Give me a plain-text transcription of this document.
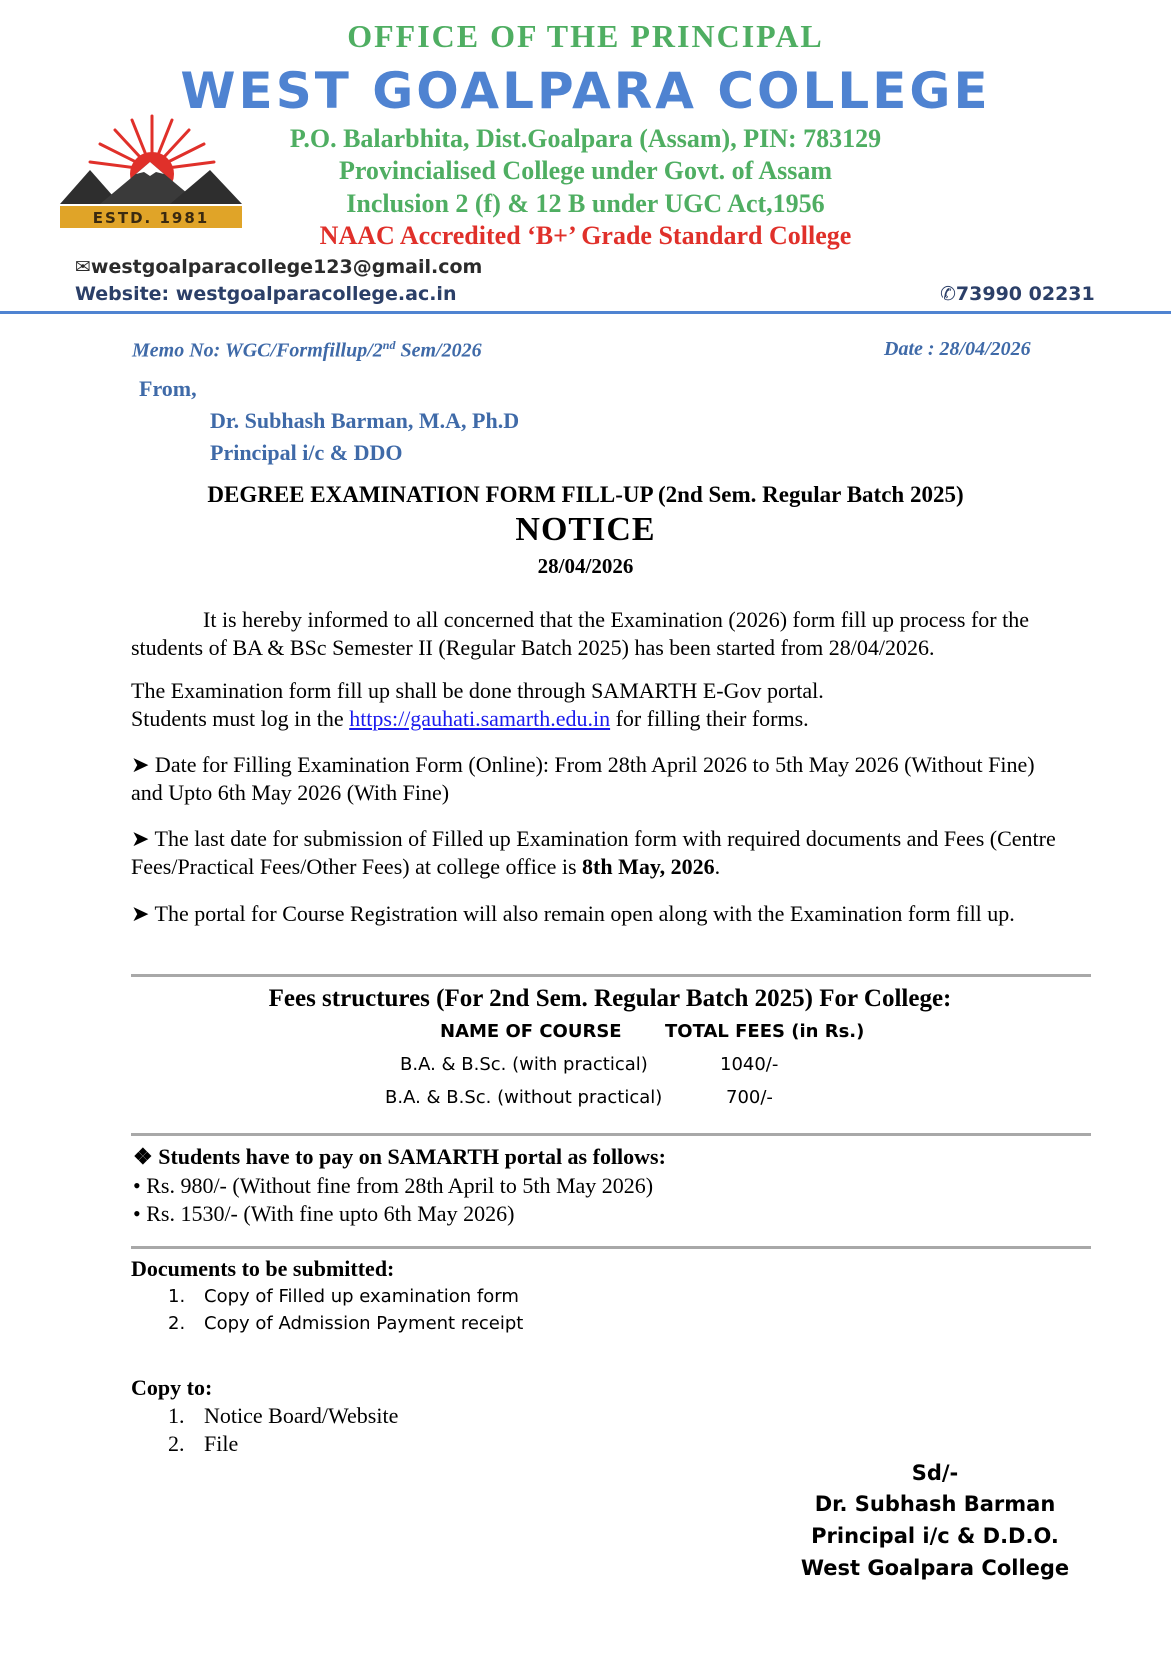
OFFICE OF THE PRINCIPAL
WEST GOALPARA COLLEGE
ESTD. 1981
P.O. Balarbhita, Dist.Goalpara (Assam), PIN: 783129
Provincialised College under Govt. of Assam
Inclusion 2 (f) & 12 B under UGC Act,1956
NAAC Accredited ‘B+’ Grade Standard College
✉westgoalparacollege123@gmail.com
Website: westgoalparacollege.ac.in	✆73990 02231
Memo No: WGC/Formfillup/2nd Sem/2026	Date : 28/04/2026
From,
Dr. Subhash Barman, M.A, Ph.D
Principal i/c & DDO
DEGREE EXAMINATION FORM FILL-UP (2nd Sem. Regular Batch 2025)
NOTICE
28/04/2026
It is hereby informed to all concerned that the Examination (2026) form fill up process for the students of BA & BSc Semester II (Regular Batch 2025) has been started from 28/04/2026.
The Examination form fill up shall be done through SAMARTH E-Gov portal.
Students must log in the https://gauhati.samarth.edu.in for filling their forms.
➤ Date for Filling Examination Form (Online): From 28th April 2026 to 5th May 2026 (Without Fine) and Upto 6th May 2026 (With Fine)
➤ The last date for submission of Filled up Examination form with required documents and Fees (Centre Fees/Practical Fees/Other Fees) at college office is 8th May, 2026.
➤ The portal for Course Registration will also remain open along with the Examination form fill up.
Fees structures (For 2nd Sem. Regular Batch 2025) For College:
NAME OF COURSE TOTAL FEES (in Rs.)
B.A. & B.Sc. (with practical)	1040/-
B.A. & B.Sc. (without practical)	700/-
❖ Students have to pay on SAMARTH portal as follows:
• Rs. 980/- (Without fine from 28th April to 5th May 2026)
• Rs. 1530/- (With fine upto 6th May 2026)
Documents to be submitted:
1. Copy of Filled up examination form
2. Copy of Admission Payment receipt
Copy to:
1. Notice Board/Website
2. File
Sd/-
Dr. Subhash Barman
Principal i/c & D.D.O.
West Goalpara College
